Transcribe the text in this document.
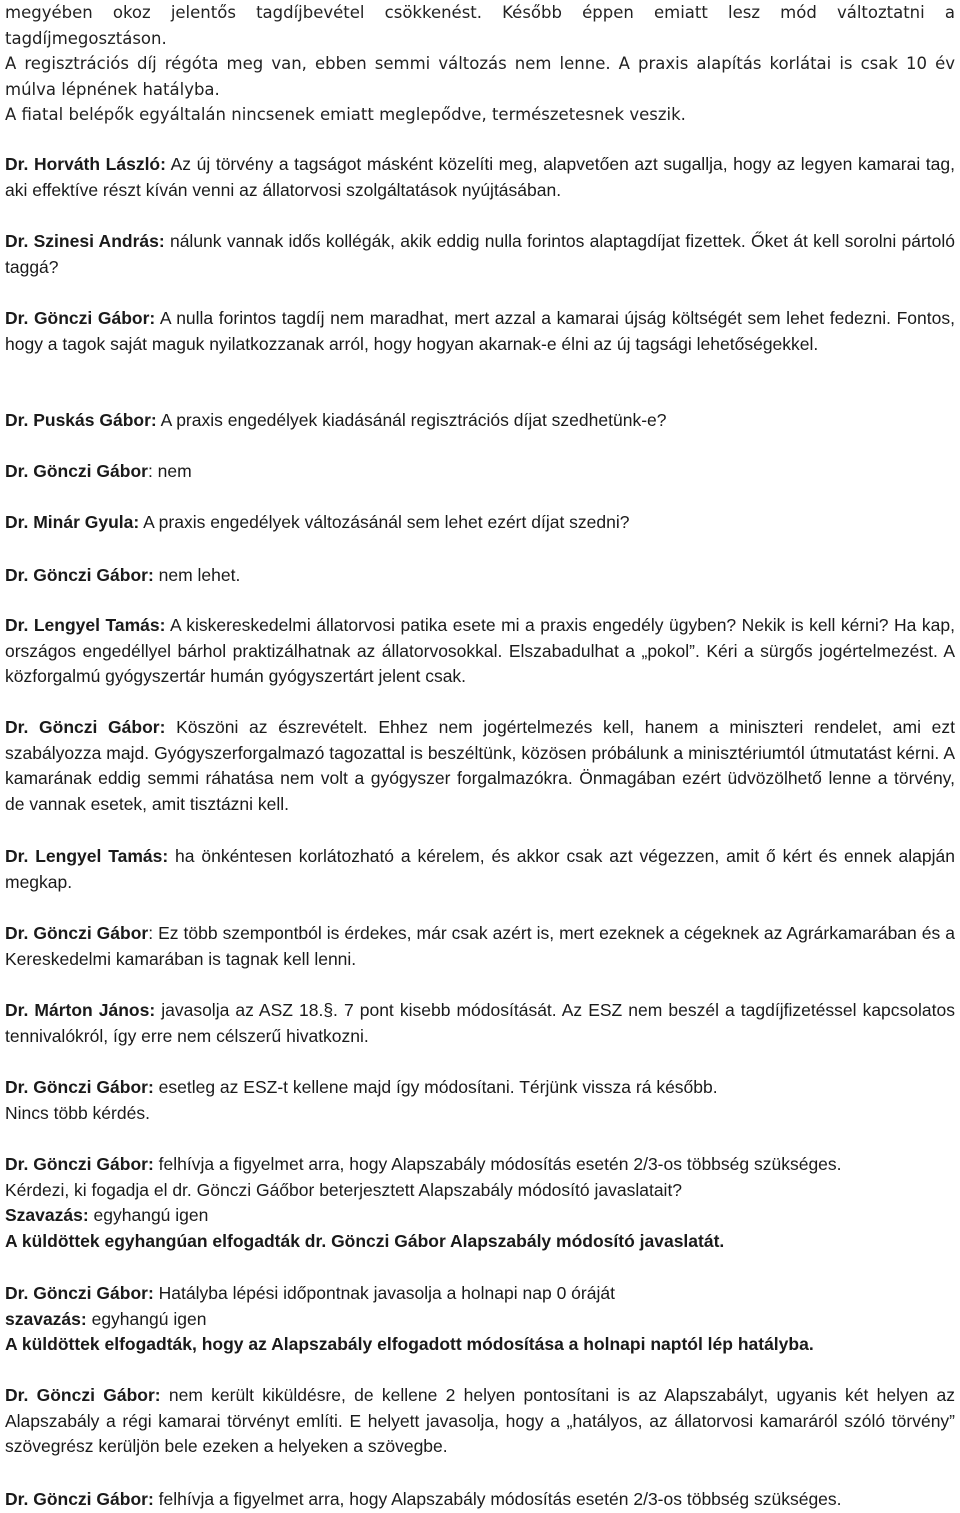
megyében okoz jelentős tagdíjbevétel csökkenést. Később éppen emiatt lesz mód változtatni a tagdíjmegosztáson.

A regisztrációs díj régóta meg van, ebben semmi változás nem lenne. A praxis alapítás korlátai is csak 10 év múlva lépnének hatályba.

A fiatal belépők egyáltalán nincsenek emiatt meglepődve, természetesnek veszik.

Dr. Horváth László: Az új törvény a tagságot másként közelíti meg, alapvetően azt sugallja, hogy az legyen kamarai tag, aki effektíve részt kíván venni az állatorvosi szolgáltatások nyújtásában.

Dr. Szinesi András: nálunk vannak idős kollégák, akik eddig nulla forintos alaptagdíjat fizettek. Őket át kell sorolni pártoló taggá?

Dr. Gönczi Gábor: A nulla forintos tagdíj nem maradhat, mert azzal a kamarai újság költségét sem lehet fedezni. Fontos, hogy a tagok saját maguk nyilatkozzanak arról, hogy hogyan akarnak-e élni az új tagsági lehetőségekkel.

Dr. Puskás Gábor: A praxis engedélyek kiadásánál regisztrációs díjat szedhetünk-e?

Dr. Gönczi Gábor: nem

Dr. Minár Gyula: A praxis engedélyek változásánál sem lehet ezért díjat szedni?

Dr. Gönczi Gábor: nem lehet.

Dr. Lengyel Tamás: A kiskereskedelmi állatorvosi patika esete mi a praxis engedély ügyben? Nekik is kell kérni? Ha kap, országos engedéllyel bárhol praktizálhatnak az állatorvosokkal. Elszabadulhat a „pokol”. Kéri a sürgős jogértelmezést. A közforgalmú gyógyszertár humán gyógyszertárt jelent csak.

Dr. Gönczi Gábor: Köszöni az észrevételt. Ehhez nem jogértelmezés kell, hanem a miniszteri rendelet, ami ezt szabályozza majd. Gyógyszerforgalmazó tagozattal is beszéltünk, közösen próbálunk a minisztériumtól útmutatást kérni. A kamarának eddig semmi ráhatása nem volt a gyógyszer forgalmazókra. Önmagában ezért üdvözölhető lenne a törvény, de vannak esetek, amit tisztázni kell.

Dr. Lengyel Tamás: ha önkéntesen korlátozható a kérelem, és akkor csak azt végezzen, amit ő kért és ennek alapján megkap.

Dr. Gönczi Gábor: Ez több szempontból is érdekes, már csak azért is, mert ezeknek a cégeknek az Agrárkamarában és a Kereskedelmi kamarában is tagnak kell lenni.

Dr. Márton János: javasolja az ASZ 18.§. 7 pont kisebb módosítását. Az ESZ nem beszél a tagdíjfizetéssel kapcsolatos tennivalókról, így erre nem célszerű hivatkozni.

Dr. Gönczi Gábor: esetleg az ESZ-t kellene majd így módosítani. Térjünk vissza rá később.

Nincs több kérdés.

Dr. Gönczi Gábor: felhívja a figyelmet arra, hogy Alapszabály módosítás esetén 2/3-os többség szükséges.

Kérdezi, ki fogadja el dr. Gönczi Gáőbor beterjesztett Alapszabály módosító javaslatait?

Szavazás: egyhangú igen

A küldöttek egyhangúan elfogadták dr. Gönczi Gábor Alapszabály módosító javaslatát.

Dr. Gönczi Gábor: Hatályba lépési időpontnak javasolja a holnapi nap 0 óráját

szavazás: egyhangú igen

A küldöttek elfogadták, hogy az Alapszabály elfogadott módosítása a holnapi naptól lép hatályba.

Dr. Gönczi Gábor: nem került kiküldésre, de kellene 2 helyen pontosítani is az Alapszabályt, ugyanis két helyen az Alapszabály a régi kamarai törvényt említi. E helyett javasolja, hogy a „hatályos, az állatorvosi kamaráról szóló törvény” szövegrész kerüljön bele ezeken a helyeken a szövegbe.

Dr. Gönczi Gábor: felhívja a figyelmet arra, hogy Alapszabály módosítás esetén 2/3-os többség szükséges.
